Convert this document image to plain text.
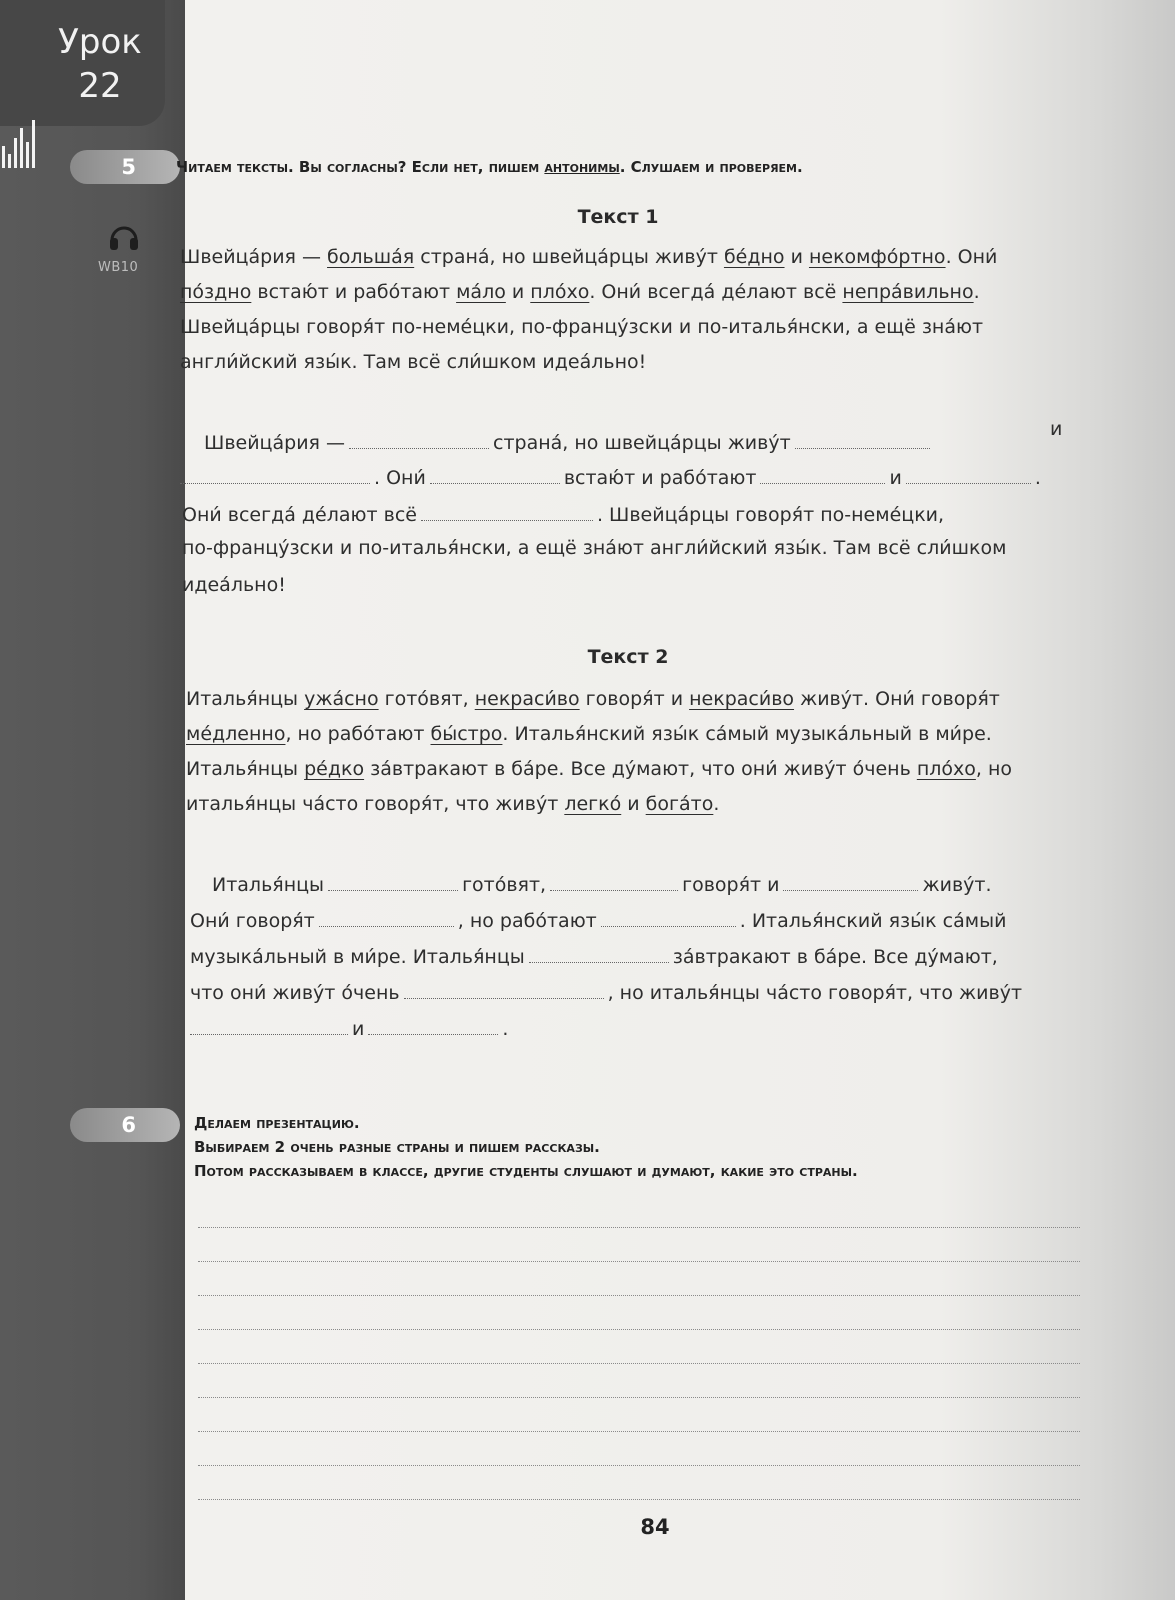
Урок
22
5
WB10
Читаем тексты. Вы согласны? Если нет, пишем антонимы. Слушаем и проверяем.
Текст 1
Швейца́рия — больша́я страна́, но швейца́рцы живу́т бе́дно и некомфо́ртно. Они́ по́здно встаю́т и рабо́тают ма́ло и пло́хо. Они́ всегда́ де́лают всё непра́вильно. Швейца́рцы говоря́т по-неме́цки, по-францу́зски и по-италья́нски, а ещё зна́ют англи́йский язы́к. Там всё сли́шком идеа́льно!
Швейца́рия —	страна́, но швейца́рцы живу́т
и
. Они́	встаю́т и рабо́тают	и	.
Они́ всегда́ де́лают всё	. Швейца́рцы говоря́т по-неме́цки,
по-францу́зски и по-италья́нски, а ещё зна́ют англи́йский язы́к. Там всё сли́шком
идеа́льно!
Текст 2
Италья́нцы ужа́сно гото́вят, некраси́во говоря́т и некраси́во живу́т. Они́ говоря́т ме́дленно, но рабо́тают бы́стро. Италья́нский язы́к са́мый музыка́льный в ми́ре. Италья́нцы ре́дко за́втракают в ба́ре. Все ду́мают, что они́ живу́т о́чень пло́хо, но италья́нцы ча́сто говоря́т, что живу́т легко́ и бога́то.
Италья́нцы	гото́вят,	говоря́т и	живу́т.
Они́ говоря́т	, но рабо́тают	. Италья́нский язы́к са́мый
музыка́льный в ми́ре. Италья́нцы	за́втракают в ба́ре. Все ду́мают,
что они́ живу́т о́чень	, но италья́нцы ча́сто говоря́т, что живу́т
и	.
6	Делаем презентацию.
Выбираем 2 очень разные страны и пишем рассказы.
Потом рассказываем в классе, другие студенты слушают и думают, какие это страны.
84
